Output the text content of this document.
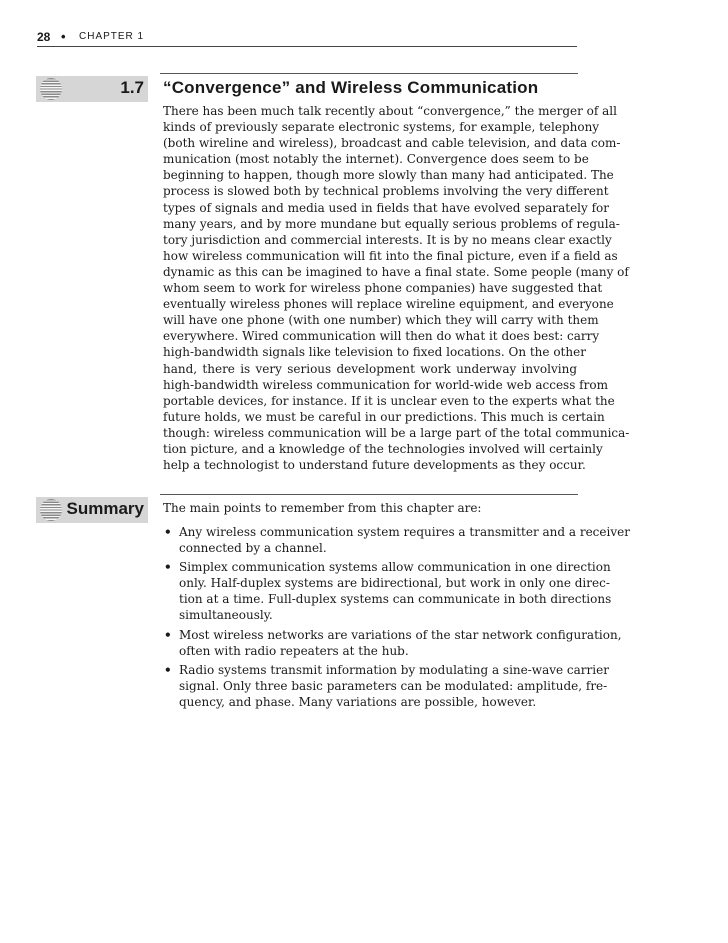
28 • CHAPTER 1
1.7 “Convergence” and Wireless Communication
There has been much talk recently about “convergence,” the merger of all
kinds of previously separate electronic systems, for example, telephony
(both wireline and wireless), broadcast and cable television, and data com-
munication (most notably the internet). Convergence does seem to be
beginning to happen, though more slowly than many had anticipated. The
process is slowed both by technical problems involving the very different
types of signals and media used in fields that have evolved separately for
many years, and by more mundane but equally serious problems of regula-
tory jurisdiction and commercial interests. It is by no means clear exactly
how wireless communication will fit into the final picture, even if a field as
dynamic as this can be imagined to have a final state. Some people (many of
whom seem to work for wireless phone companies) have suggested that
eventually wireless phones will replace wireline equipment, and everyone
will have one phone (with one number) which they will carry with them
everywhere. Wired communication will then do what it does best: carry
high-bandwidth signals like television to fixed locations. On the other
hand, there is very serious development work underway involving
high-bandwidth wireless communication for world-wide web access from
portable devices, for instance. If it is unclear even to the experts what the
future holds, we must be careful in our predictions. This much is certain
though: wireless communication will be a large part of the total communica-
tion picture, and a knowledge of the technologies involved will certainly
help a technologist to understand future developments as they occur.
Summary The main points to remember from this chapter are:
• Any wireless communication system requires a transmitter and a receiver
connected by a channel.
• Simplex communication systems allow communication in one direction
only. Half-duplex systems are bidirectional, but work in only one direc-
tion at a time. Full-duplex systems can communicate in both directions
simultaneously.
• Most wireless networks are variations of the star network configuration,
often with radio repeaters at the hub.
• Radio systems transmit information by modulating a sine-wave carrier
signal. Only three basic parameters can be modulated: amplitude, fre-
quency, and phase. Many variations are possible, however.
